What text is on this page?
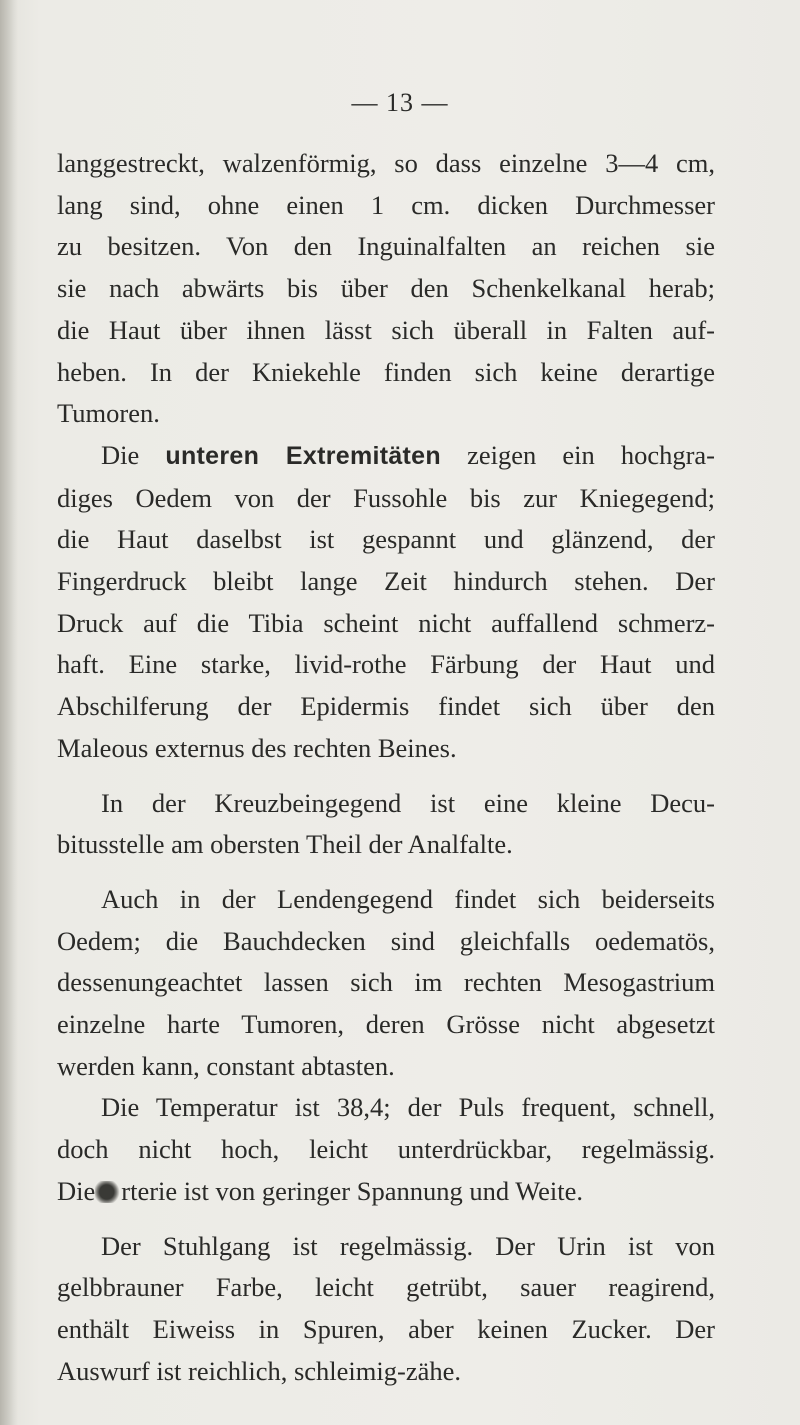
— 13 —
langgestreckt, walzenförmig, so dass einzelne 3—4 cm,
lang sind, ohne einen 1 cm. dicken Durchmesser
zu besitzen. Von den Inguinalfalten an reichen sie
sie nach abwärts bis über den Schenkelkanal herab;
die Haut über ihnen lässt sich überall in Falten auf-
heben. In der Kniekehle finden sich keine derartige
Tumoren.
Die unteren Extremitäten zeigen ein hochgra-
diges Oedem von der Fussohle bis zur Kniegegend;
die Haut daselbst ist gespannt und glänzend, der
Fingerdruck bleibt lange Zeit hindurch stehen. Der
Druck auf die Tibia scheint nicht auffallend schmerz-
haft. Eine starke, livid-rothe Färbung der Haut und
Abschilferung der Epidermis findet sich über den
Maleous externus des rechten Beines.
In der Kreuzbeingegend ist eine kleine Decu-
bitusstelle am obersten Theil der Analfalte.
Auch in der Lendengegend findet sich beiderseits
Oedem; die Bauchdecken sind gleichfalls oedematös,
dessenungeachtet lassen sich im rechten Mesogastrium
einzelne harte Tumoren, deren Grösse nicht abgesetzt
werden kann, constant abtasten.
Die Temperatur ist 38,4; der Puls frequent, schnell,
doch nicht hoch, leicht unterdrückbar, regelmässig.
Die rterie ist von geringer Spannung und Weite.
Der Stuhlgang ist regelmässig. Der Urin ist von
gelbbrauner Farbe, leicht getrübt, sauer reagirend,
enthält Eiweiss in Spuren, aber keinen Zucker. Der
Auswurf ist reichlich, schleimig-zähe.
